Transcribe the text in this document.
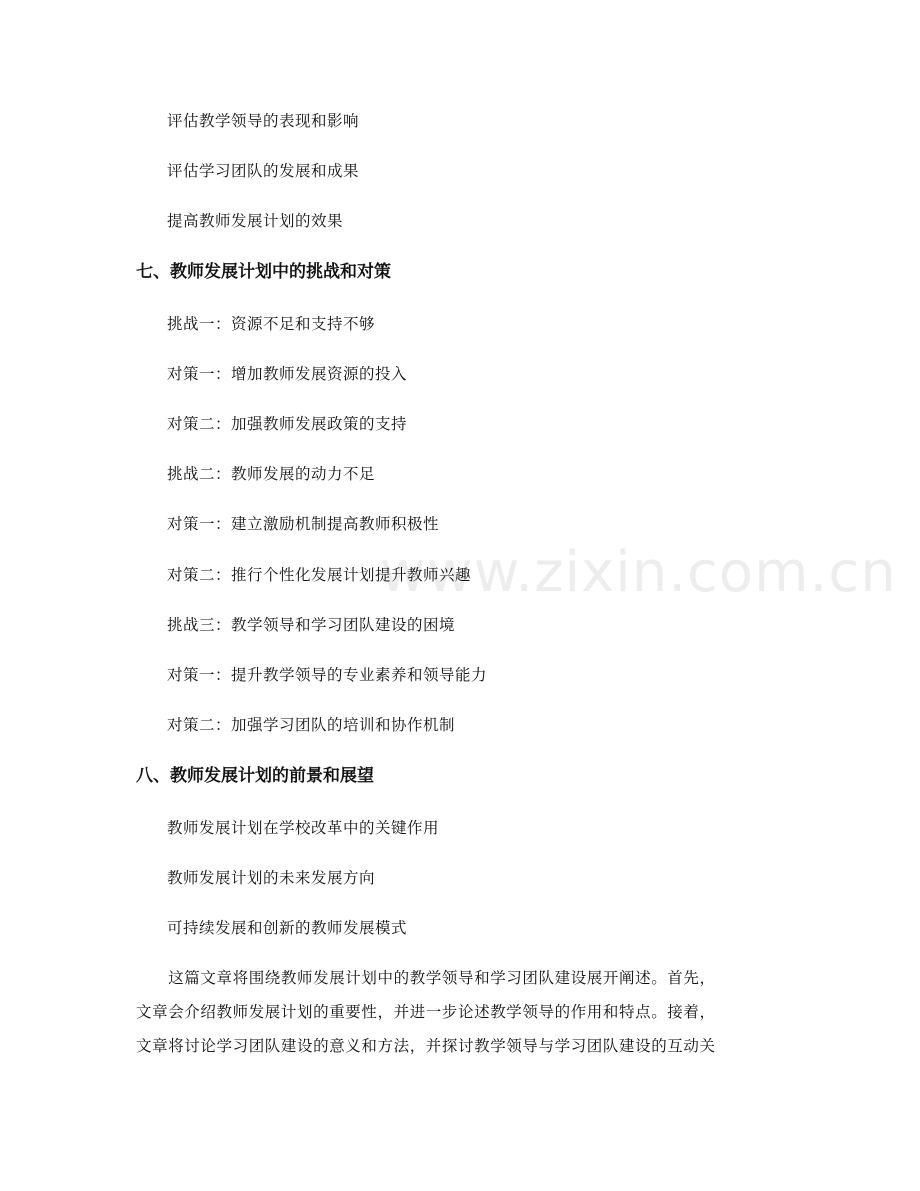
评估教学领导的表现和影响
评估学习团队的发展和成果
提高教师发展计划的效果
七、教师发展计划中的挑战和对策
挑战一：资源不足和支持不够
对策一：增加教师发展资源的投入
对策二：加强教师发展政策的支持
挑战二：教师发展的动力不足
对策一：建立激励机制提高教师积极性
对策二：推行个性化发展计划提升教师兴趣
挑战三：教学领导和学习团队建设的困境
对策一：提升教学领导的专业素养和领导能力
对策二：加强学习团队的培训和协作机制
八、教师发展计划的前景和展望
教师发展计划在学校改革中的关键作用
教师发展计划的未来发展方向
可持续发展和创新的教师发展模式
　　这篇文章将围绕教师发展计划中的教学领导和学习团队建设展开阐述。首先，
文章会介绍教师发展计划的重要性，并进一步论述教学领导的作用和特点。接着，
文章将讨论学习团队建设的意义和方法，并探讨教学领导与学习团队建设的互动关
www.zixin.com.cn
